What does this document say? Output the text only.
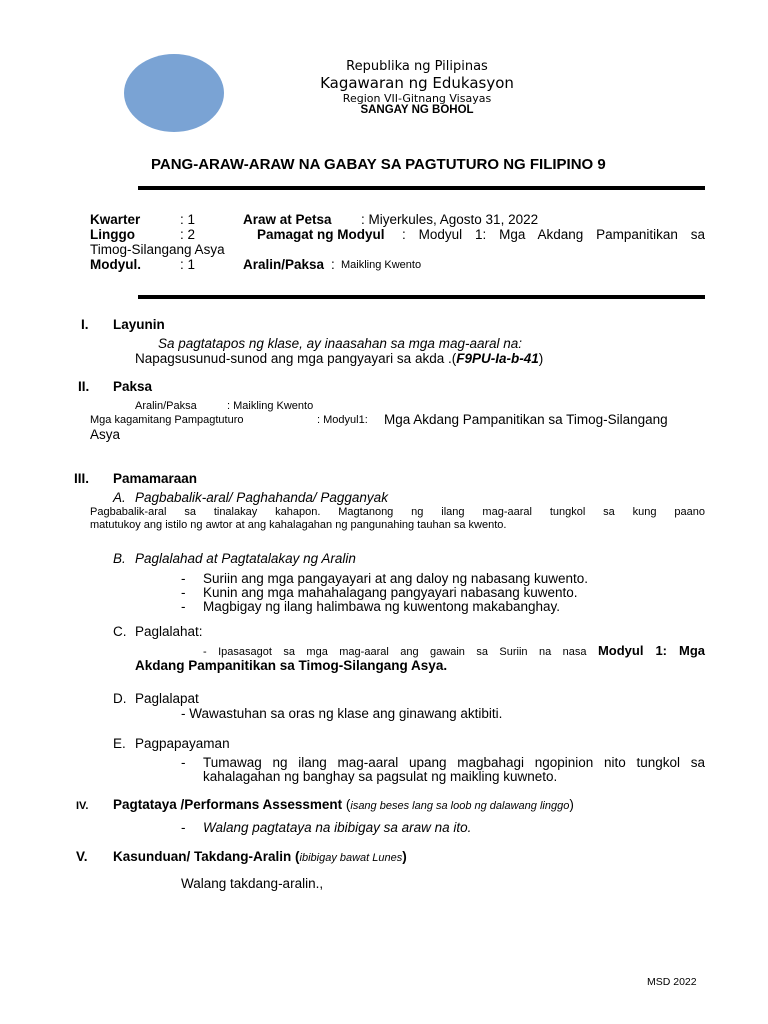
Republika ng Pilipinas
Kagawaran ng Edukasyon
Region VII-Gitnang Visayas
SANGAY NG BOHOL
PANG-ARAW-ARAW NA GABAY SA PAGTUTURO NG FILIPINO 9
Kwarter	: 1	Araw at Petsa : Miyerkules, Agosto 31, 2022
Linggo	: 2	Pamagat ng Modyul : Modyul 1: Mga Akdang Pampanitikan sa
Timog-Silangang Asya
Modyul.	: 1	Aralin/Paksa : Maikling Kwento
I. Layunin
Sa pagtatapos ng klase, ay inaasahan sa mga mag-aaral na:
Napagsusunud-sunod ang mga pangyayari sa akda .(F9PU-Ia-b-41)
II. Paksa
Aralin/Paksa	: Maikling Kwento
Mga kagamitang Pampagtuturo	: Modyul1: Mga Akdang Pampanitikan sa Timog-Silangang
Asya
III. Pamamaraan
A. Pagbabalik-aral/ Paghahanda/ Pagganyak
Pagbabalik-aral sa tinalakay kahapon. Magtanong ng ilang mag-aaral tungkol sa kung paano
matutukoy ang istilo ng awtor at ang kahalagahan ng pangunahing tauhan sa kwento.
B. Paglalahad at Pagtatalakay ng Aralin
- Suriin ang mga pangayayari at ang daloy ng nabasang kuwento.
- Kunin ang mga mahahalagang pangyayari nabasang kuwento.
- Magbigay ng ilang halimbawa ng kuwentong makabanghay.
C. Paglalahat:
- Ipasasagot sa mga mag-aaral ang gawain sa Suriin na nasa Modyul 1: Mga
Akdang Pampanitikan sa Timog-Silangang Asya.
D. Paglalapat
- Wawastuhan sa oras ng klase ang ginawang aktibiti.
E. Pagpapayaman
- Tumawag ng ilang mag-aaral upang magbahagi ngopinion nito tungkol sa
kahalagahan ng banghay sa pagsulat ng maikling kuwneto.
IV. Pagtataya /Performans Assessment (isang beses lang sa loob ng dalawang linggo)
- Walang pagtataya na ibibigay sa araw na ito.
V. Kasunduan/ Takdang-Aralin (ibibigay bawat Lunes)
Walang takdang-aralin.,
MSD 2022
